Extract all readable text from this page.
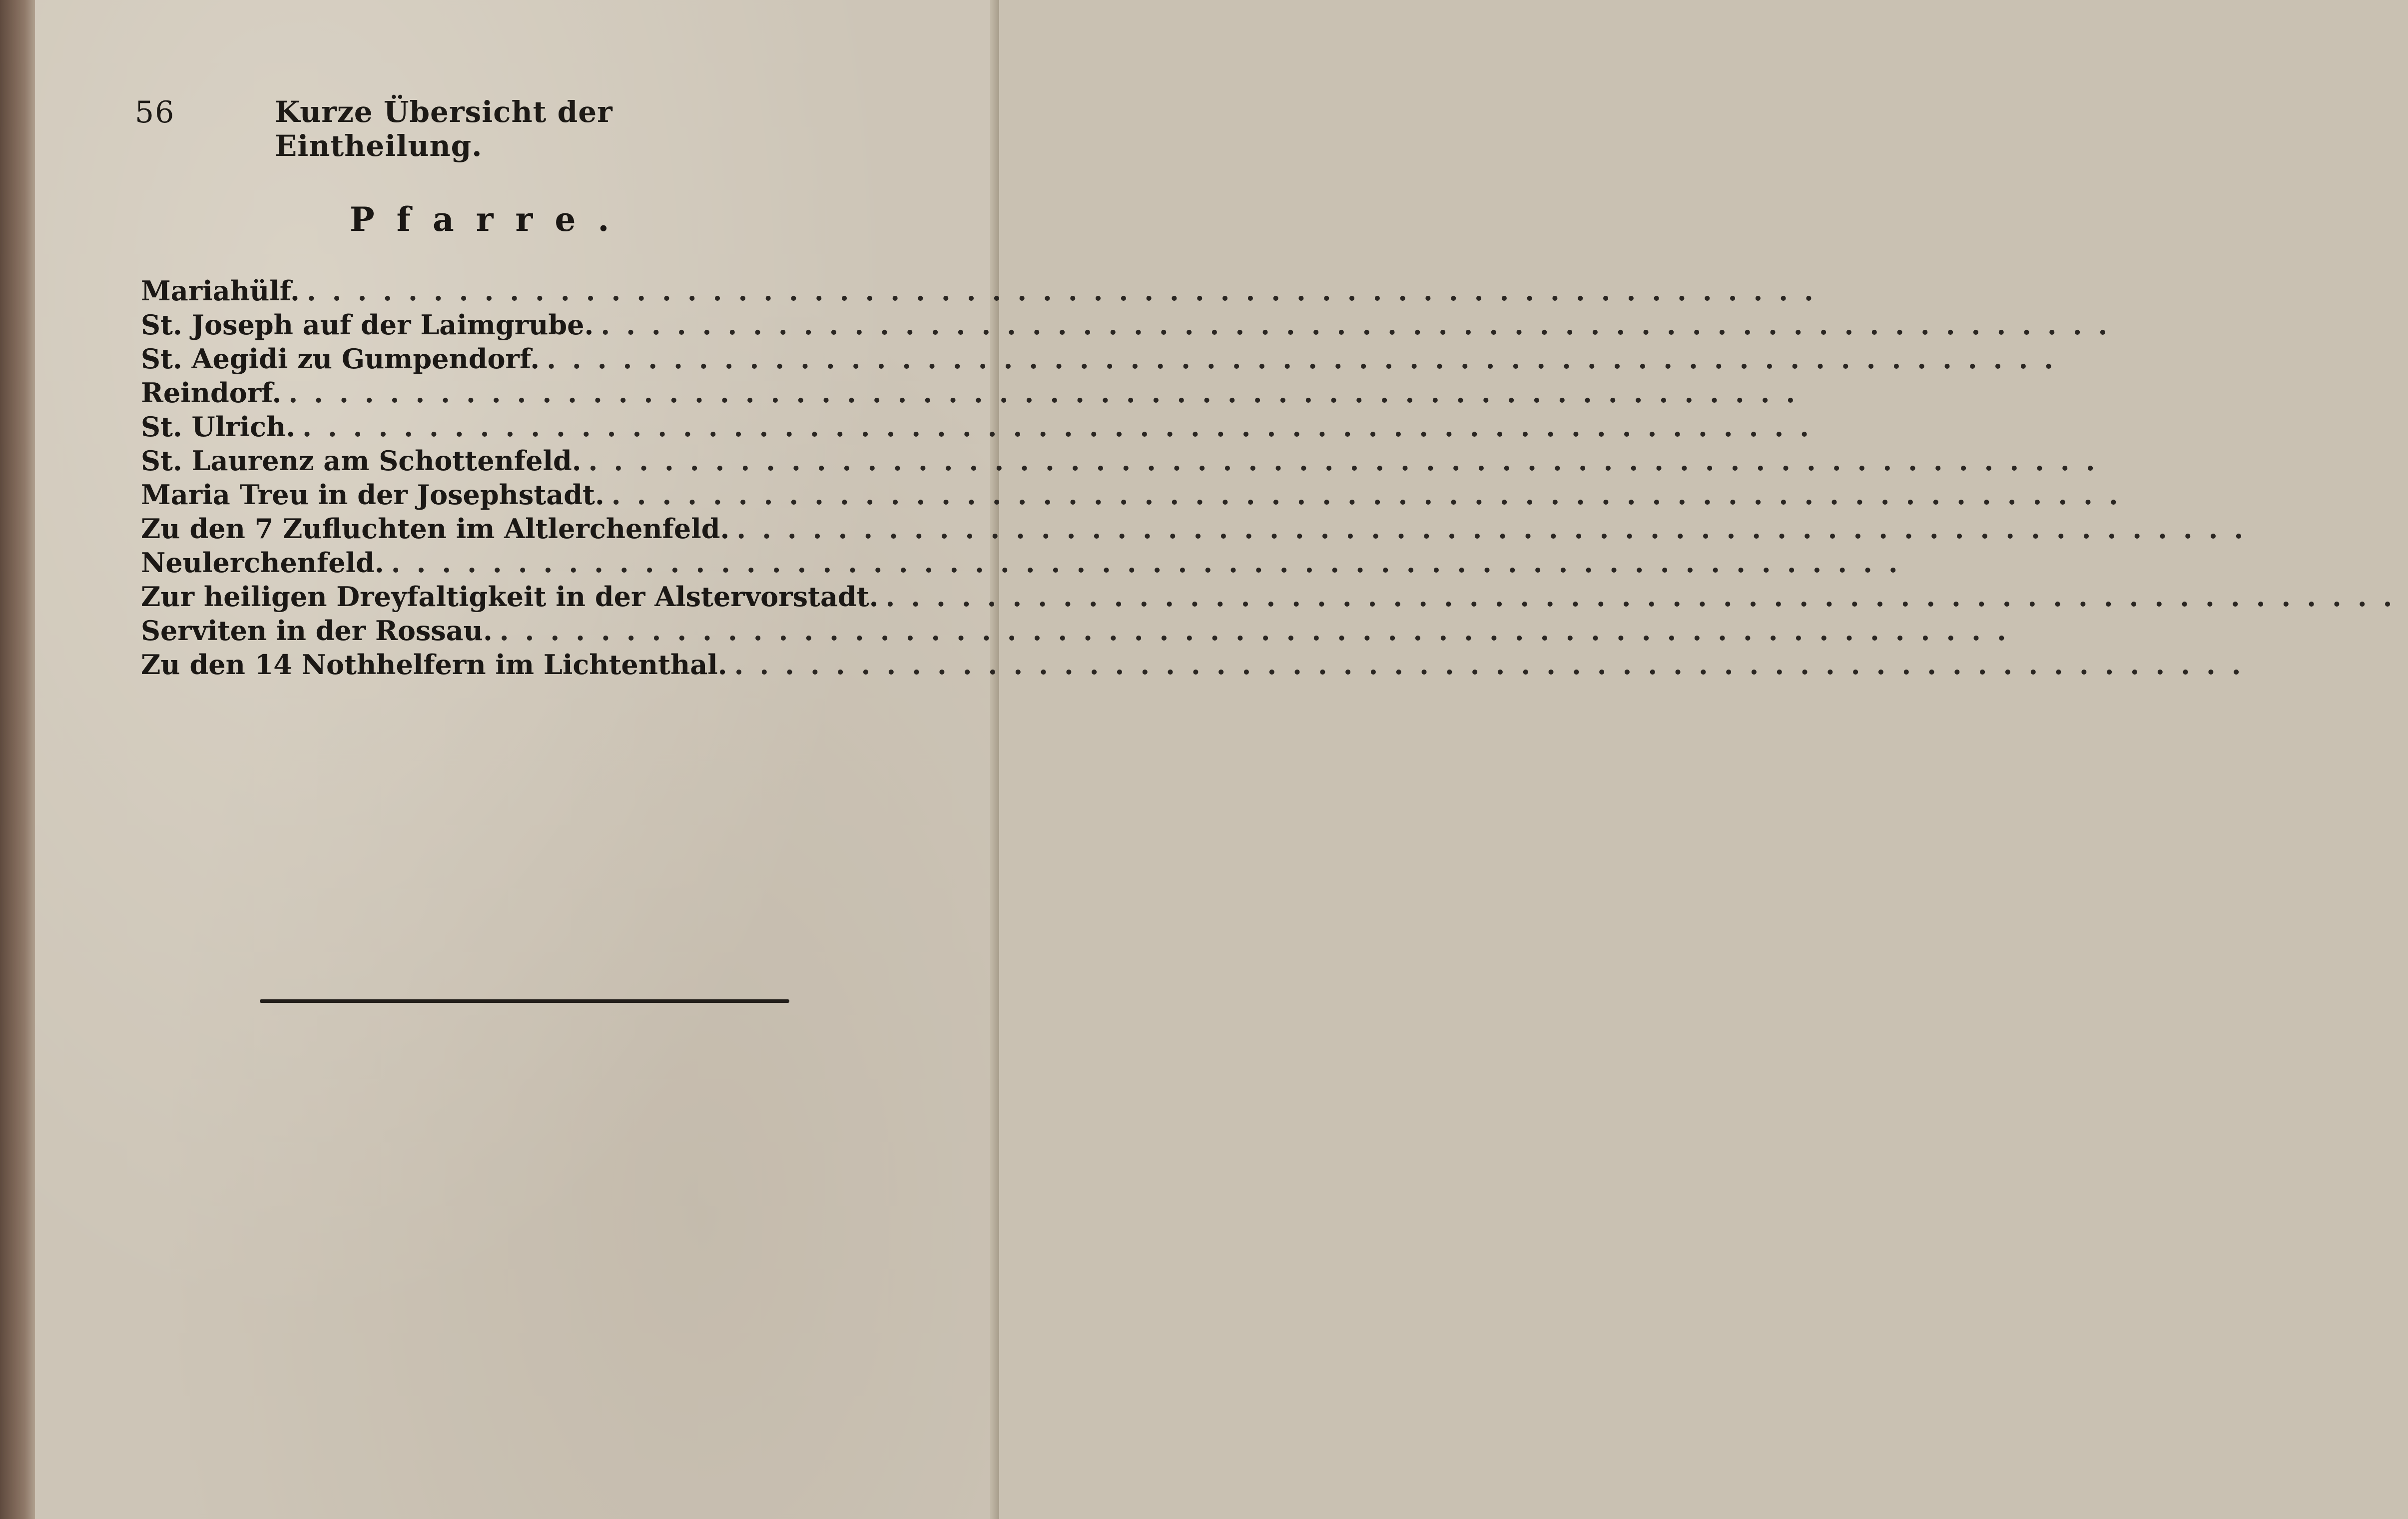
56	Kurze Übersicht der Eintheilung.
Pfarre.
Mariahülf. ............................................................
St. Joseph auf der Laimgrube. ............................................................
St. Aegidi zu Gumpendorf. ............................................................
Reindorf. ............................................................
St. Ulrich. ............................................................
St. Laurenz am Schottenfeld. ............................................................
Maria Treu in der Josephstadt. ............................................................
Zu den 7 Zufluchten im Altlerchenfeld. ............................................................
Neulerchenfeld. ............................................................
Zur heiligen Dreyfaltigkeit in der Alstervorstadt. ............................................................
Serviten in der Rossau. ............................................................
Zu den 14 Nothhelfern im Lichtenthal. ............................................................
